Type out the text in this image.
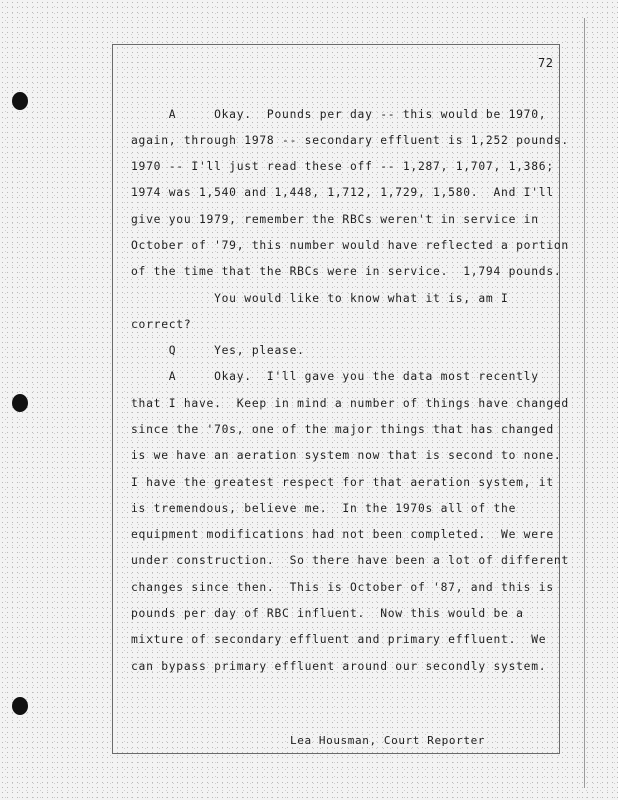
72
A     Okay.  Pounds per day -- this would be 1970,
again, through 1978 -- secondary effluent is 1,252 pounds.
1970 -- I'll just read these off -- 1,287, 1,707, 1,386;
1974 was 1,540 and 1,448, 1,712, 1,729, 1,580.  And I'll
give you 1979, remember the RBCs weren't in service in
October of '79, this number would have reflected a portion
of the time that the RBCs were in service.  1,794 pounds.
You would like to know what it is, am I
correct?
Q     Yes, please.
A     Okay.  I'll gave you the data most recently
that I have.  Keep in mind a number of things have changed
since the '70s, one of the major things that has changed
is we have an aeration system now that is second to none.
I have the greatest respect for that aeration system, it
is tremendous, believe me.  In the 1970s all of the
equipment modifications had not been completed.  We were
under construction.  So there have been a lot of different
changes since then.  This is October of '87, and this is
pounds per day of RBC influent.  Now this would be a
mixture of secondary effluent and primary effluent.  We
can bypass primary effluent around our secondly system.
Lea Housman, Court Reporter
